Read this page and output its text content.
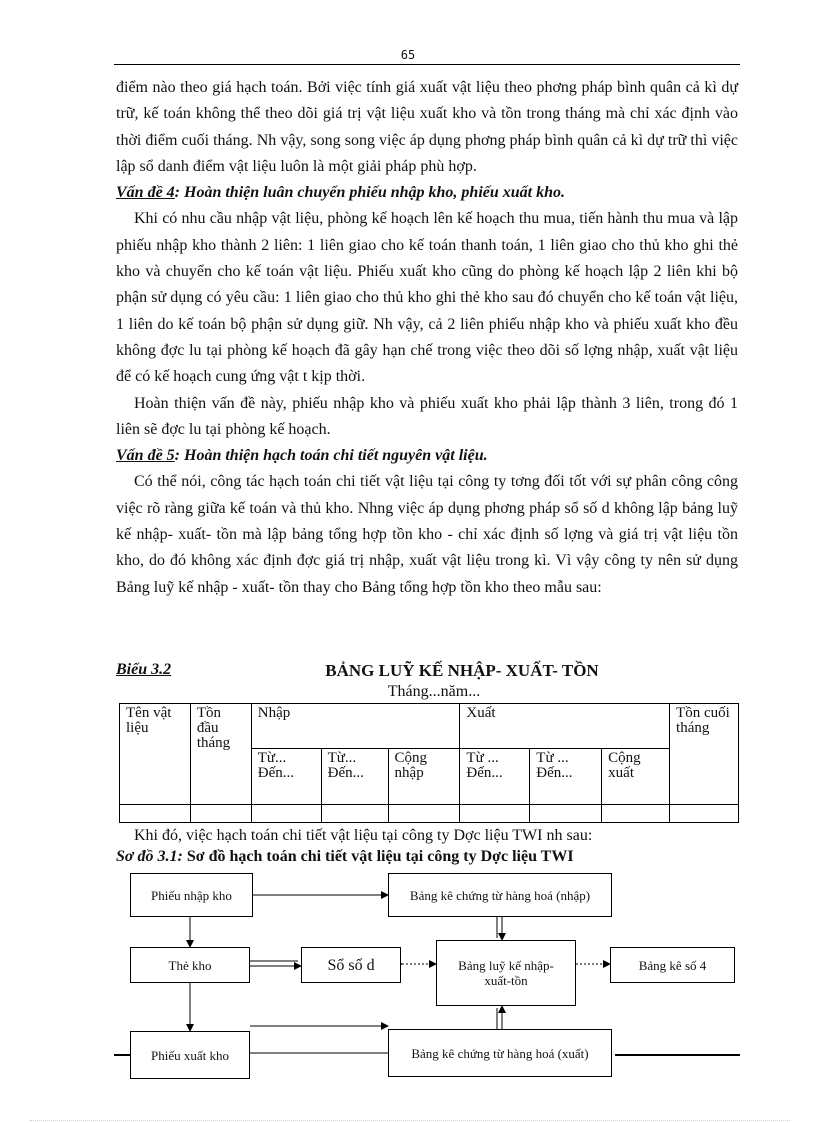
65

điểm nào theo giá hạch toán. Bởi việc tính giá xuất vật liệu theo phơng pháp bình quân cả kì dự trữ, kế toán không thể theo dõi giá trị vật liệu xuất kho và tồn trong tháng mà chỉ xác định vào thời điểm cuối tháng. Nh vậy, song song việc áp dụng phơng pháp bình quân cả kì dự trữ thì việc lập sổ danh điểm vật liệu luôn là một giải pháp phù hợp.

Vấn đề 4: Hoàn thiện luân chuyển phiếu nhập kho, phiếu xuất kho.

Khi có nhu cầu nhập vật liệu, phòng kế hoạch lên kế hoạch thu mua, tiến hành thu mua và lập phiếu nhập kho thành 2 liên: 1 liên giao cho kế toán thanh toán, 1 liên giao cho thủ kho ghi thẻ kho và chuyển cho kế toán vật liệu. Phiếu xuất kho cũng do phòng kế hoạch lập 2 liên khi bộ phận sử dụng có yêu cầu: 1 liên giao cho thủ kho ghi thẻ kho sau đó chuyển cho kế toán vật liệu, 1 liên do kế toán bộ phận sử dụng giữ. Nh vậy, cả 2 liên phiếu nhập kho và phiếu xuất kho đều không đợc lu tại phòng kế hoạch đã gây hạn chế trong việc theo dõi số lợng nhập, xuất vật liệu để có kế hoạch cung ứng vật t kịp thời.

Hoàn thiện vấn đề này, phiếu nhập kho và phiếu xuất kho phải lập thành 3 liên, trong đó 1 liên sẽ đợc lu tại phòng kế hoạch.

Vấn đề 5: Hoàn thiện hạch toán chi tiết nguyên vật liệu.

Có thể nói, công tác hạch toán chi tiết vật liệu tại công ty tơng đối tốt với sự phân công công việc rõ ràng giữa kế toán và thủ kho. Nhng việc áp dụng phơng pháp sổ số d không lập bảng luỹ kế nhập- xuất- tồn mà lập bảng tổng hợp tồn kho - chỉ xác định số lợng và giá trị vật liệu tồn kho, do đó không xác định đợc giá trị nhập, xuất vật liệu trong kì. Vì vậy công ty nên sử dụng Bảng luỹ kế nhập - xuất- tồn thay cho Bảng tổng hợp tồn kho theo mẫu sau:

Biểu 3.2	BẢNG LUỸ KẾ NHẬP- XUẤT- TỒN
Tháng...năm...
Tên vật liệu	Tồn đầu tháng	Nhập			Xuất			Tồn cuối tháng
		Từ... Đến...	Từ... Đến...	Cộng nhập	Từ ... Đến...	Từ ... Đến...	Cộng xuất	

Khi đó, việc hạch toán chi tiết vật liệu tại công ty Dợc liệu TWI nh sau:
Sơ đồ 3.1: Sơ đồ hạch toán chi tiết vật liệu tại công ty Dợc liệu TWI
Phiếu nhập kho	Bảng kê chứng từ hàng hoá (nhập)
Thẻ kho	Sổ số d	Bảng luỹ kế nhập-xuất-tồn
Bảng kê số 4
Phiếu xuất kho	Bảng kê chứng từ hàng hoá (xuất)
